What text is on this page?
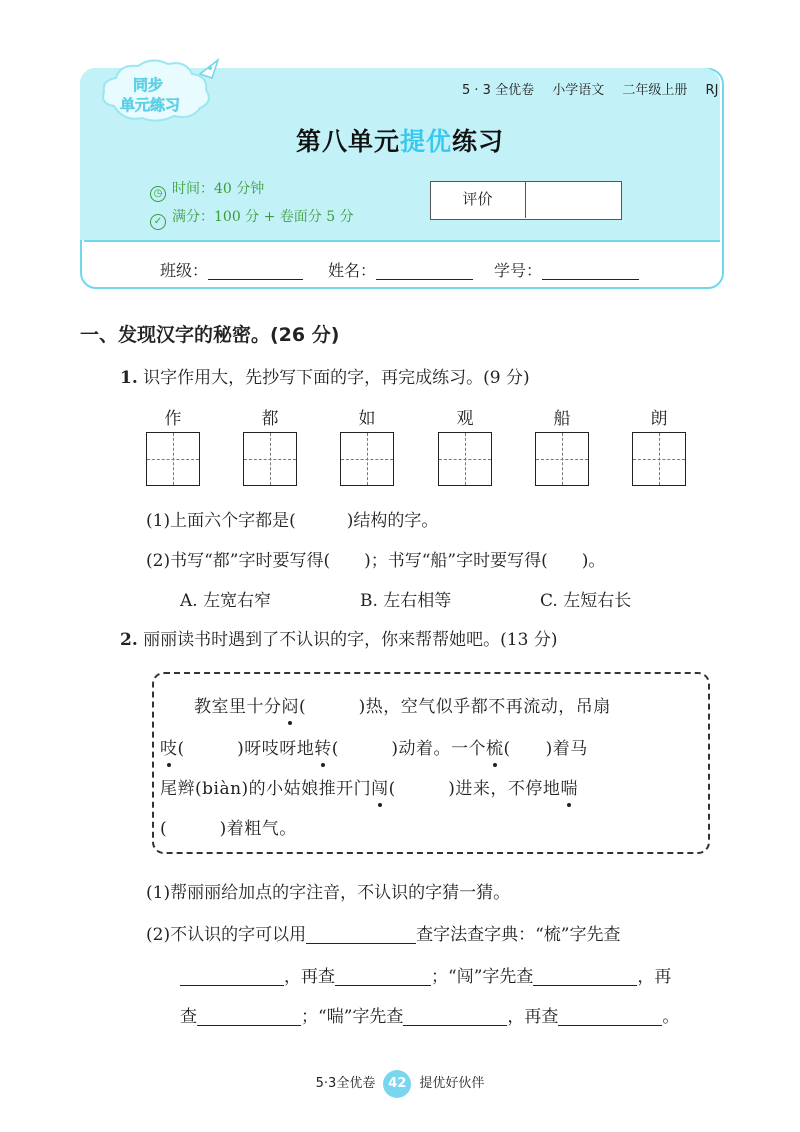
同步
单元练习
5 · 3 全优卷 小学语文 二年级上册 RJ
第八单元提优练习
◷ 时间：40 分钟
✓ 满分：100 分 + 卷面分 5 分
评价
班级：	姓名：	学号：
一、发现汉字的秘密。(26 分)
1. 识字作用大，先抄写下面的字，再完成练习。(9 分)
作	都	如	观	船	朗
(1)上面六个字都是(　　　)结构的字。
(2)书写“都”字时要写得(　　)；书写“船”字时要写得(　　)。
A. 左宽右窄	B. 左右相等	C. 左短右长
2. 丽丽读书时遇到了不认识的字，你来帮帮她吧。(13 分)
教室里十分闷(　　　)热，空气似乎都不再流动，吊扇
吱(　　　)呀吱呀地转(　　　)动着。一个梳(　　)着马
尾辫(biàn)的小姑娘推开门闯(　　　)进来，不停地喘
(　　　)着粗气。
(1)帮丽丽给加点的字注音，不认识的字猜一猜。
(2)不认识的字可以用	查字法查字典：“梳”字先查
，再查	；“闯”字先查	，再
查	；“喘”字先查	，再查	。
5·3全优卷 42 提优好伙伴
